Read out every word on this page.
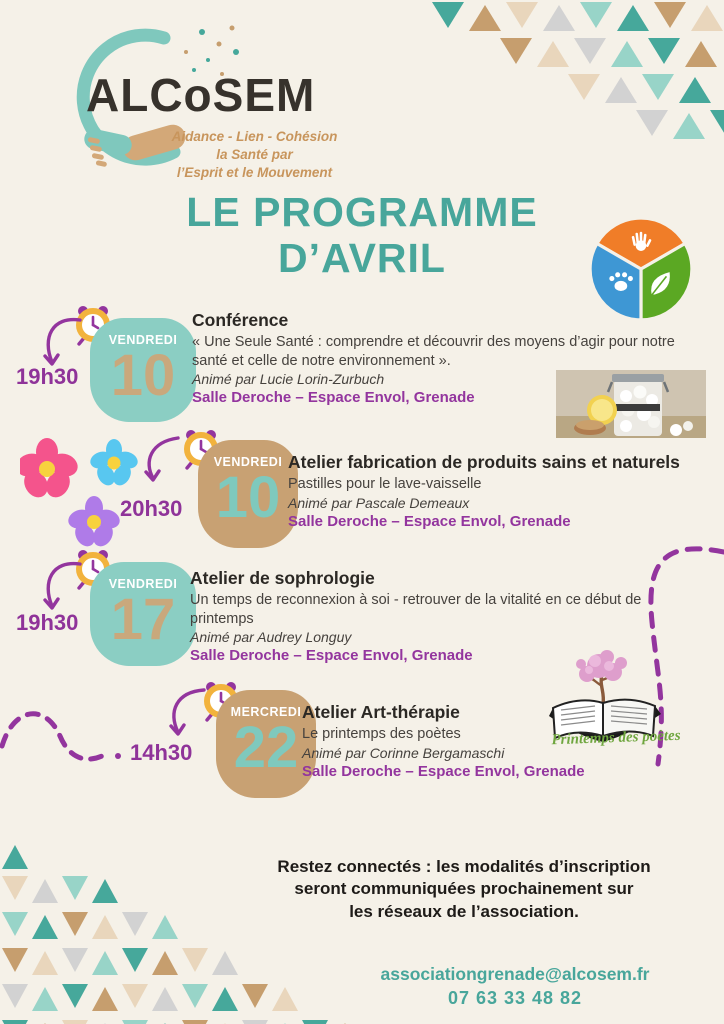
ALCoSEM
Aidance - Lien - Cohésion
la Santé par
l’Esprit et le Mouvement
LE PROGRAMME
D’AVRIL
19h30
VENDREDI
10

Conférence

« Une Seule Santé : comprendre et découvrir des moyens d’agir pour notre santé et celle de notre environnement ».

Animé par Lucie Lorin-Zurbuch

Salle Deroche – Espace Envol, Grenade

20h30
VENDREDI
10

Atelier fabrication de produits sains et naturels

Pastilles pour le lave-vaisselle

Animé par Pascale Demeaux

Salle Deroche – Espace Envol, Grenade

19h30
VENDREDI
17

Atelier de sophrologie

Un temps de reconnexion à soi - retrouver de la vitalité en ce début de printemps

Animé par Audrey Longuy

Salle Deroche – Espace Envol, Grenade

14h30
MERCREDI
22

Atelier Art-thérapie

Le printemps des poètes

Animé par Corinne Bergamaschi

Salle Deroche – Espace Envol, Grenade

Printemps des poètes
Restez connectés : les modalités d’inscription
seront communiquées prochainement sur
les réseaux de l’association.
associationgrenade@alcosem.fr
07 63 33 48 82
